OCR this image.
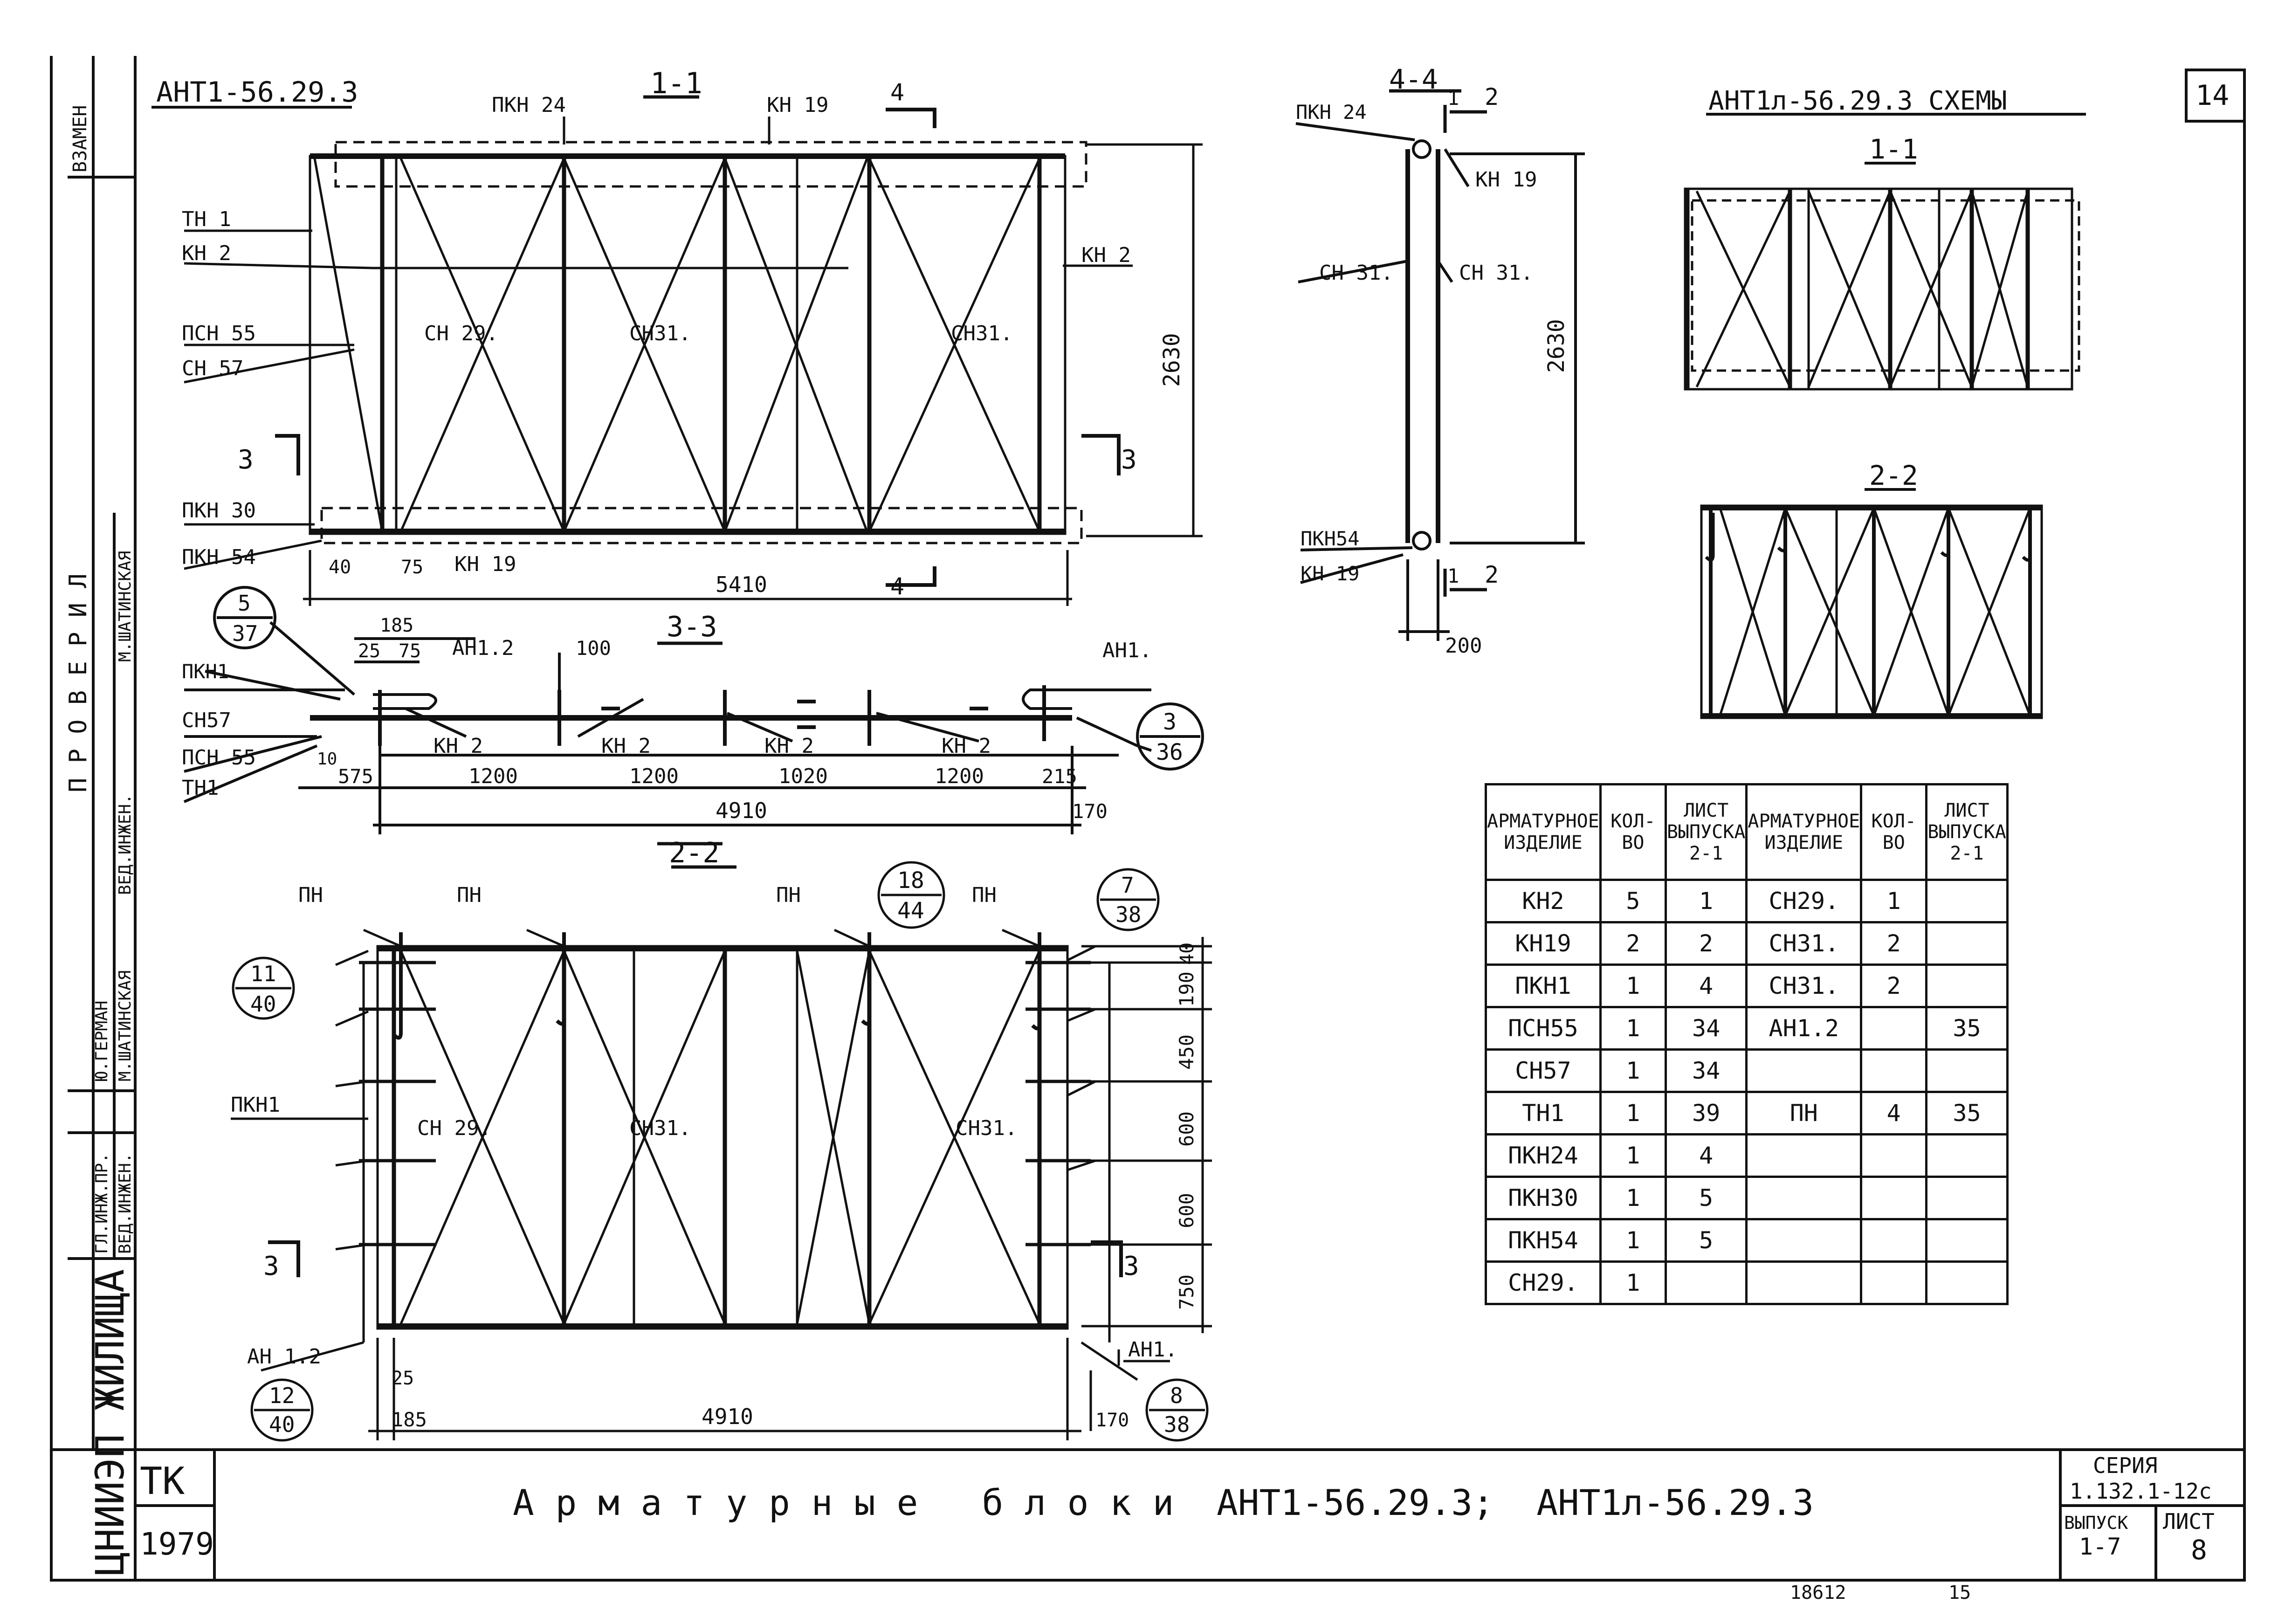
АНТ1-56.29.3	1-1
ПКН 24	КН 19	4
ТН 1
КН 2	КН 2
ПСН 55
СН 57
СН 29.	СН31.	СН31.	2630
3	3
ПКН 30
ПКН 54	40	75 КН 19
5410	4
4-4
1 2
ПКН 24
КН 19
СН 31.	СН 31.
2630
ПКН54
КН 19	1 2
200
3-3
5
37	185
25 75 АН1.2	100	АН1.
ПКН1
СН57
ПСН 55
ТН1
10
КН 2	КН 2	КН 2	КН 2
575	1200	1200	1020	1200	215
3
36
4910	170
2-2
ПН	ПН	ПН	ПН
18
44
7
38
11
40
40
190
450
600
600
750
ПКН1
СН 29.	СН31.	СН31.
3	3
АН 1.2	АН1.
25
12
40	185	4910	170
8
38
АНТ1л-56.29.3 СХЕМЫ
1-1
2-2
14
А р м а т у р н ы е   б л о к и  АНТ1-56.29.3;  АНТ1л-56.29.3
СЕРИЯ
1.132.1-12с
ВЫПУСК
1-7
ЛИСТ
8
ТК
1979
18612	15
ЦНИИЭП ЖИЛИЩА
ВЗАМЕН
П Р О В Е Р И Л
ГЛ.ИНЖ.ПР. ВЕД.ИНЖЕН.
ВЕД.ИНЖЕН.
Ю.ГЕРМАН М.ШАТИНСКАЯ
М.ШАТИНСКАЯ
АРМАТУРНОЕ ИЗДЕЛИЕ	КОЛ-ВО	ЛИСТ ВЫПУСКА 2-1	АРМАТУРНОЕ ИЗДЕЛИЕ	КОЛ-ВО	ЛИСТ ВЫПУСКА 2-1
КН2	5	1	СН29.	1	
КН19	2	2	СН31.	2	
ПКН1	1	4	СН31.	2	
ПСН55	1	34	АН1.2		35
СН57	1	34			
ТН1	1	39	ПН	4	35
ПКН24	1	4			
ПКН30	1	5			
ПКН54	1	5			
СН29.	1				
